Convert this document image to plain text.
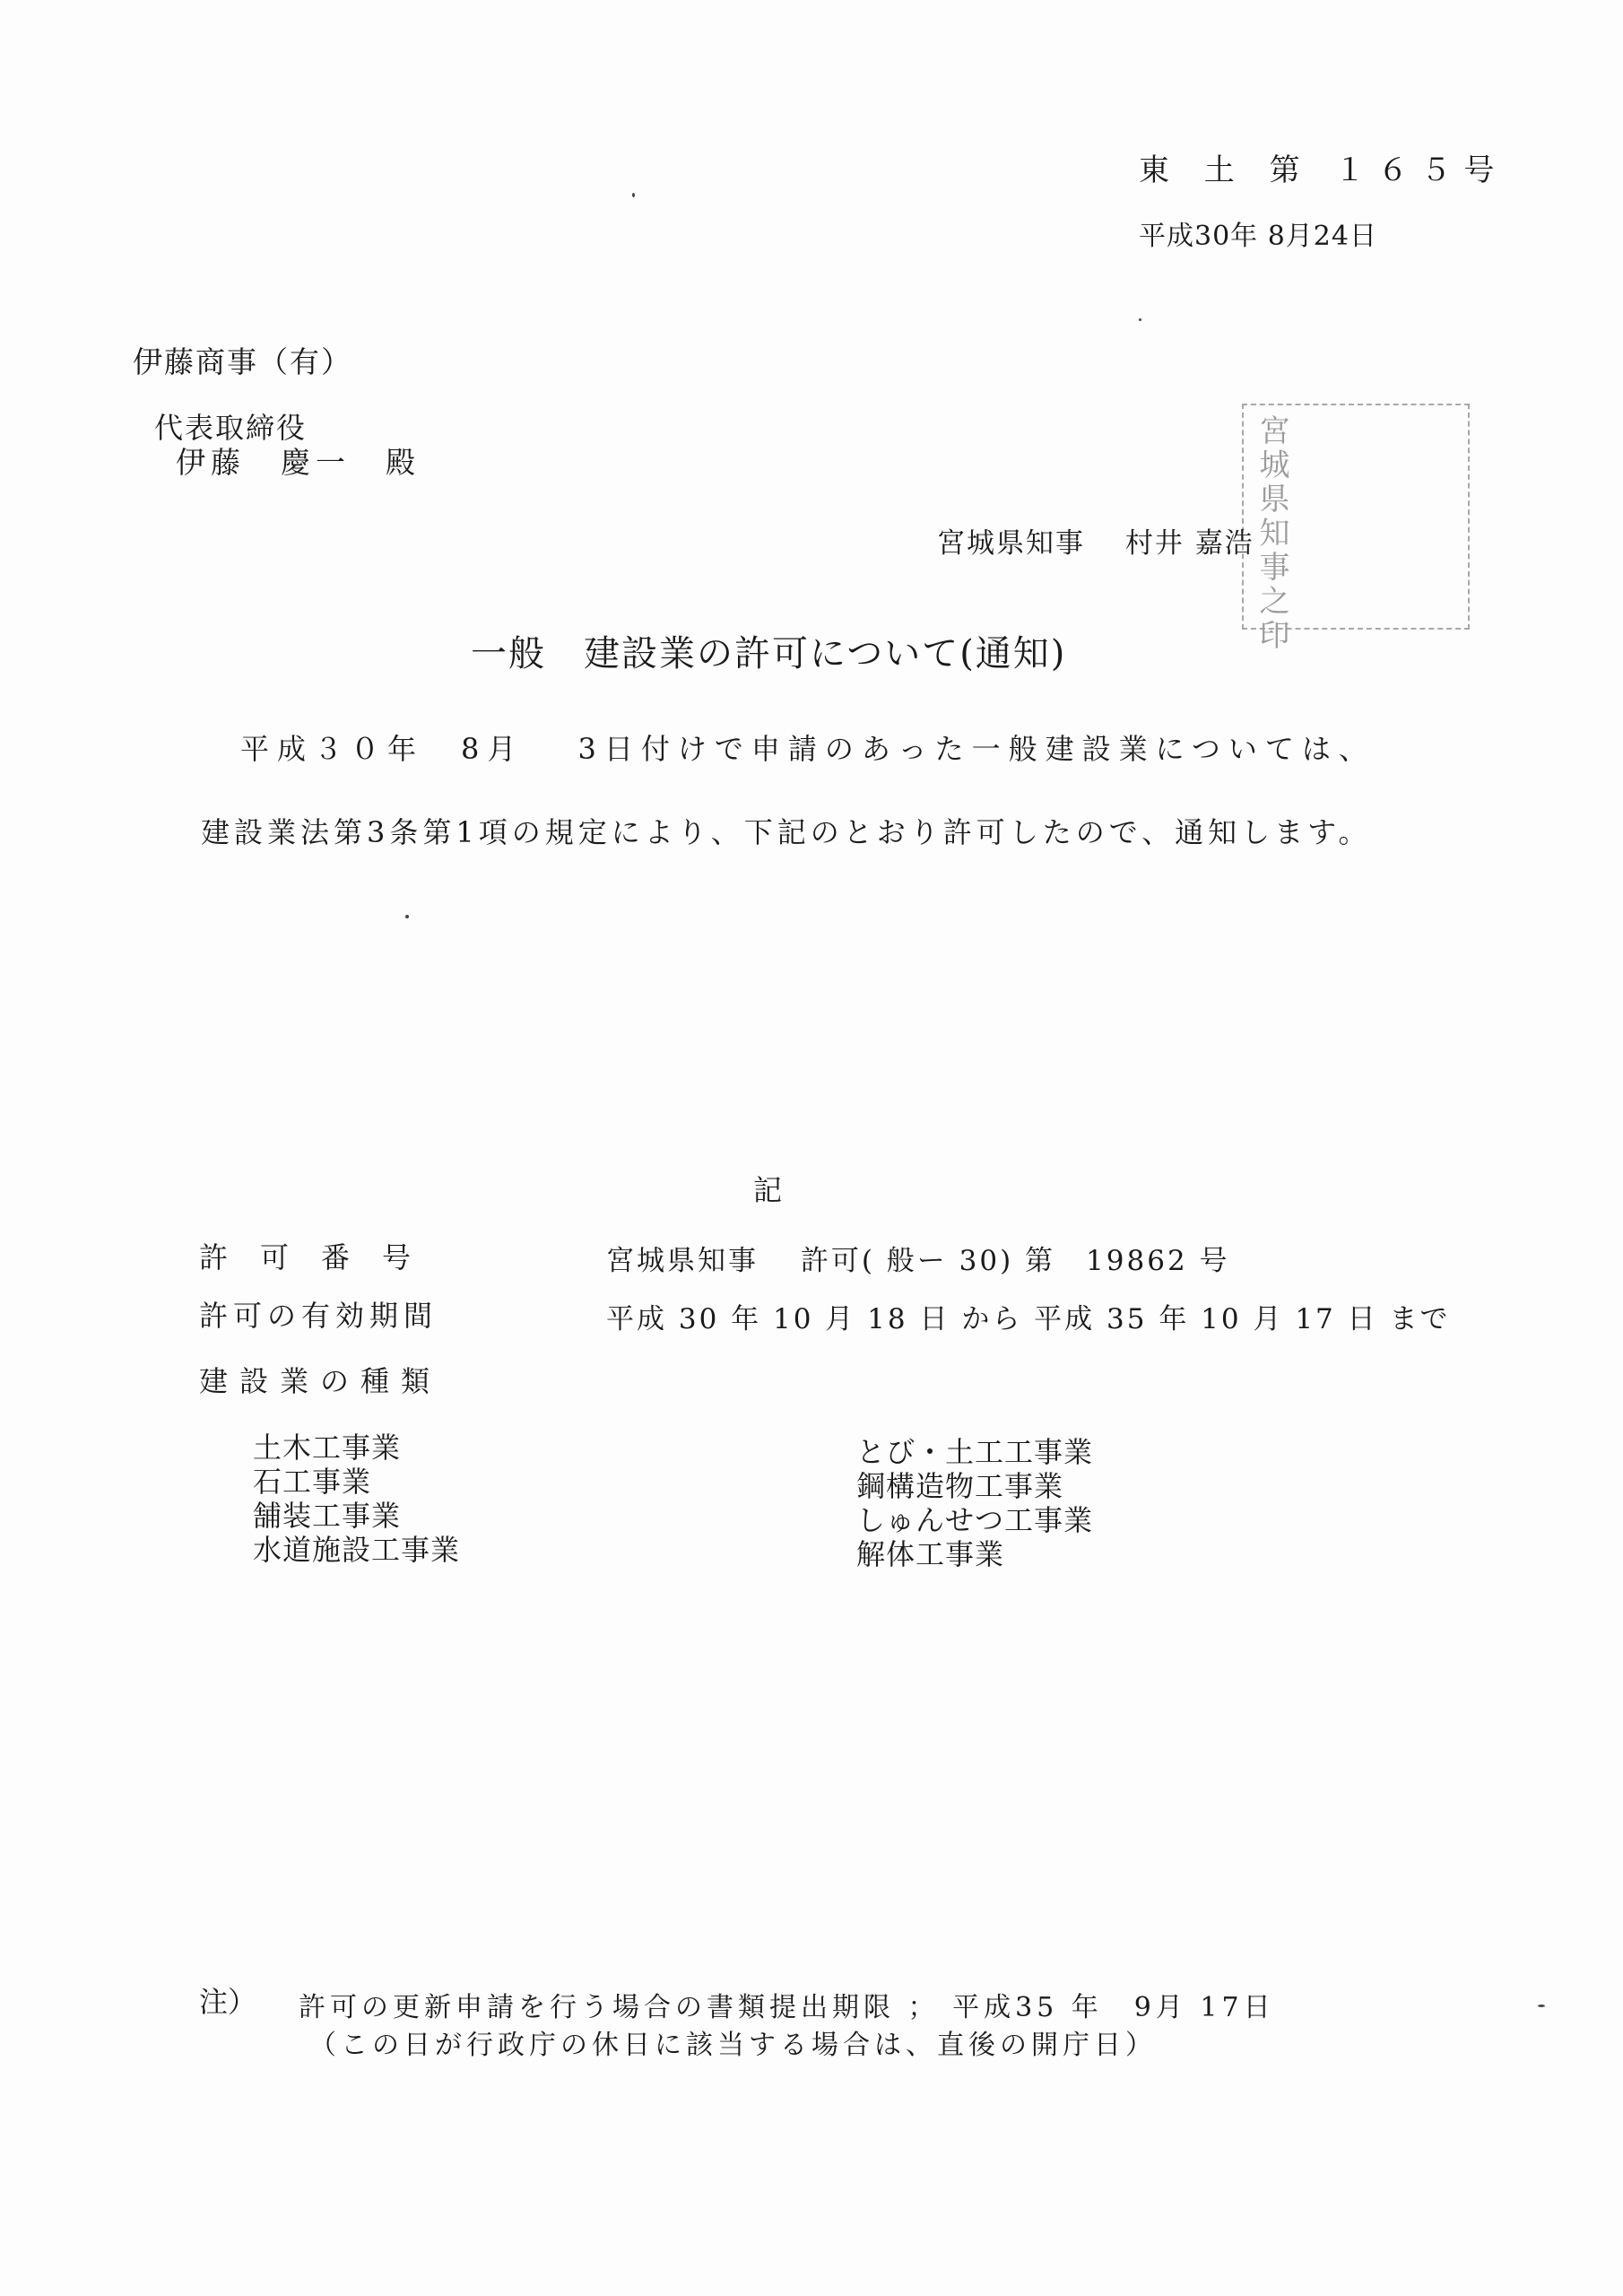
東 土 第 １６５号
平成30年 8月24日
伊藤商事（有）
代表取締役
伊藤　慶一　殿	宮城県知事之印
宮城県知事　 村井 嘉浩
一般　建設業の許可について(通知)
平成３０年　8月　 3日付けで申請のあった一般建設業については、
建設業法第3条第1項の規定により、下記のとおり許可したので、通知します。
記
許可番号	宮城県知事　 許可( 般ー 30) 第　19862 号
許可の有効期間	平成 30 年 10 月 18 日 から 平成 35 年 10 月 17 日 まで
建設業の種類
土木工事業
石工事業
舗装工事業
水道施設工事業
とび・土工工事業
鋼構造物工事業
しゅんせつ工事業
解体工事業
注） 許可の更新申請を行う場合の書類提出期限 ； 平成35 年　9月 17日
（この日が行政庁の休日に該当する場合は、直後の開庁日）
